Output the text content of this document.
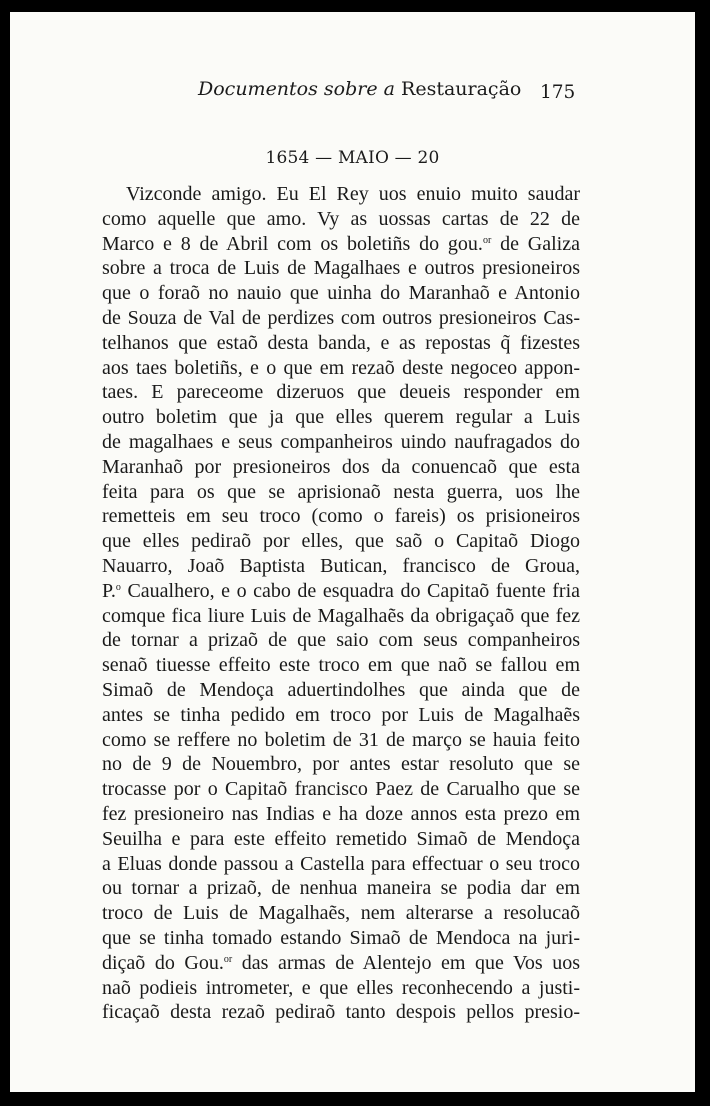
Documentos sobre a Restauração	175
1654 — MAIO — 20
Vizconde amigo. Eu El Rey uos enuio muito saudar
como aquelle que amo. Vy as uossas cartas de 22 de
Marco e 8 de Abril com os boletiñs do gou.$^{or}$ de Galiza
sobre a troca de Luis de Magalhaes e outros presioneiros
que o foraõ no nauio que uinha do Maranhaõ e Antonio
de Souza de Val de perdizes com outros presioneiros Cas-
telhanos que estaõ desta banda, e as repostas q̃ fizestes
aos taes boletiñs, e o que em rezaõ deste negoceo appon-
taes. E pareceome dizeruos que deueis responder em
outro boletim que ja que elles querem regular a Luis
de magalhaes e seus companheiros uindo naufragados do
Maranhaõ por presioneiros dos da conuencaõ que esta
feita para os que se aprisionaõ nesta guerra, uos lhe
remetteis em seu troco (como o fareis) os prisioneiros
que elles pediraõ por elles, que saõ o Capitaõ Diogo
Nauarro, Joaõ Baptista Butican, francisco de Groua,
P.$^o$ Caualhero, e o cabo de esquadra do Capitaõ fuente fria
comque fica liure Luis de Magalhaẽs da obrigaçaõ que fez
de tornar a prizaõ de que saio com seus companheiros
senaõ tiuesse effeito este troco em que naõ se fallou em
Simaõ de Mendoça aduertindolhes que ainda que de
antes se tinha pedido em troco por Luis de Magalhaẽs
como se reffere no boletim de 31 de março se hauia feito
no de 9 de Nouembro, por antes estar resoluto que se
trocasse por o Capitaõ francisco Paez de Carualho que se
fez presioneiro nas Indias e ha doze annos esta prezo em
Seuilha e para este effeito remetido Simaõ de Mendoça
a Eluas donde passou a Castella para effectuar o seu troco
ou tornar a prizaõ, de nenhua maneira se podia dar em
troco de Luis de Magalhaẽs, nem alterarse a resolucaõ
que se tinha tomado estando Simaõ de Mendoca na juri-
diçaõ do Gou.$^{or}$ das armas de Alentejo em que Vos uos
naõ podieis intrometer, e que elles reconhecendo a justi-
ficaçaõ desta rezaõ pediraõ tanto despois pellos presio-
